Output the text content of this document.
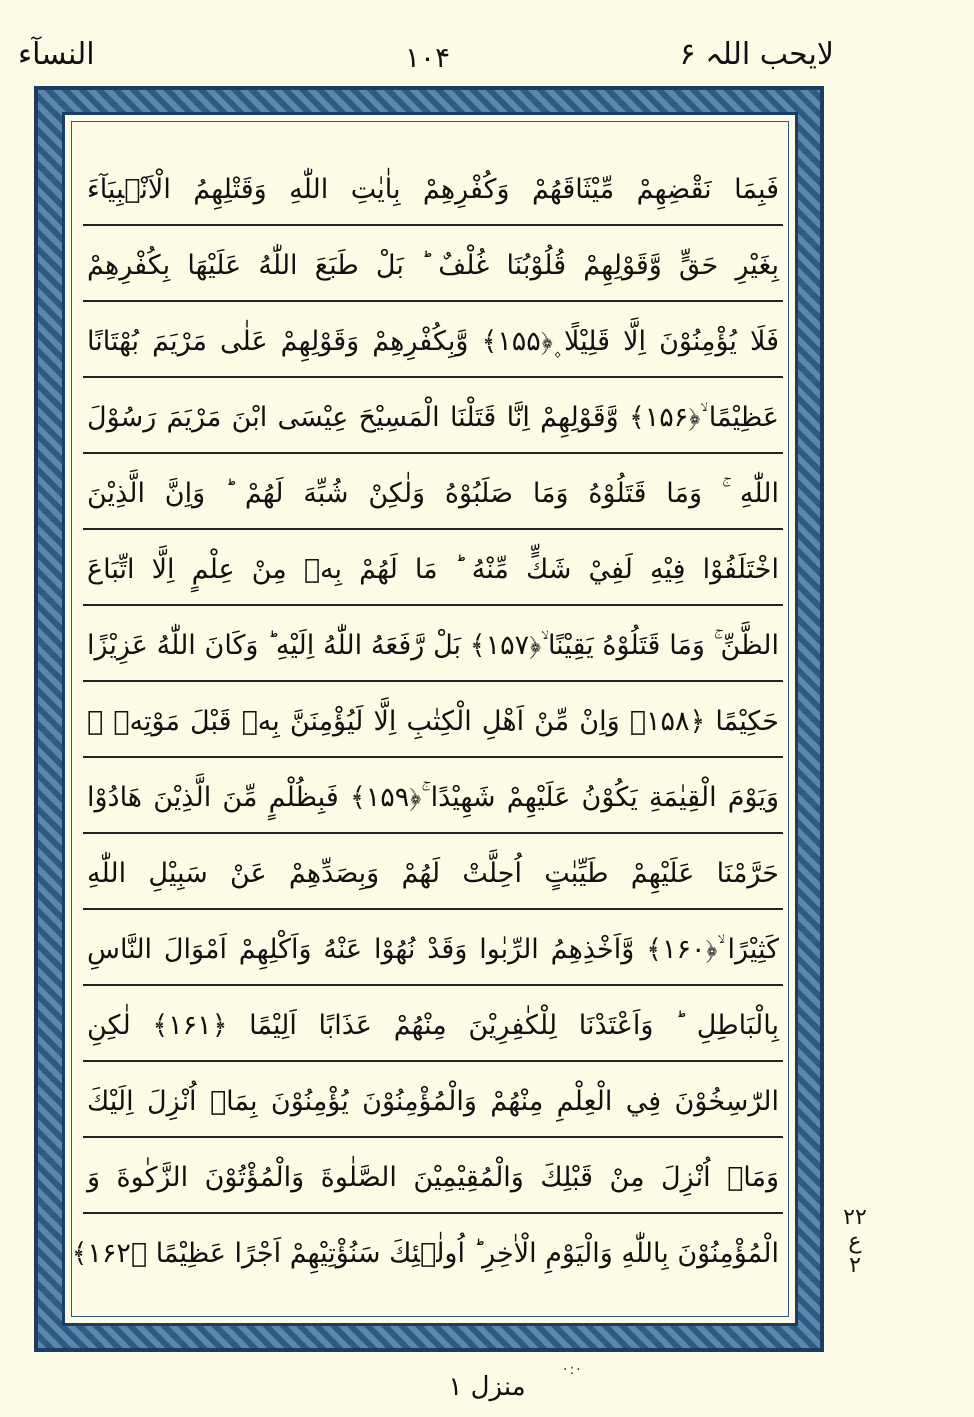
لایحب اللہ ۶
۱۰۴
النسآء
فَبِمَا نَقْضِهِمْ مِّيْثَاقَهُمْ وَكُفْرِهِمْ بِاٰيٰتِ اللّٰهِ وَقَتْلِهِمُ الْاَنْۢبِيَآءَ
بِغَيْرِ حَقٍّ وَّقَوْلِهِمْ قُلُوْبُنَا غُلْفٌ ؕ بَلْ طَبَعَ اللّٰهُ عَلَيْهَا بِكُفْرِهِمْ
فَلَا يُؤْمِنُوْنَ اِلَّا قَلِيْلًا ۪﴿۱۵۵﴾ وَّبِكُفْرِهِمْ وَقَوْلِهِمْ عَلٰى مَرْيَمَ بُهْتَانًا
عَظِيْمًا ۙ﴿۱۵۶﴾ وَّقَوْلِهِمْ اِنَّا قَتَلْنَا الْمَسِيْحَ عِيْسَى ابْنَ مَرْيَمَ رَسُوْلَ
اللّٰهِ ۚ وَمَا قَتَلُوْهُ وَمَا صَلَبُوْهُ وَلٰكِنْ شُبِّهَ لَهُمْ ؕ وَاِنَّ الَّذِيْنَ
اخْتَلَفُوْا فِيْهِ لَفِيْ شَكٍّ مِّنْهُ ؕ مَا لَهُمْ بِهٖ مِنْ عِلْمٍ اِلَّا اتِّبَاعَ
الظَّنِّ ۚ وَمَا قَتَلُوْهُ يَقِيْنًا ۙ﴿۱۵۷﴾ بَلْ رَّفَعَهُ اللّٰهُ اِلَيْهِ ؕ وَكَانَ اللّٰهُ عَزِيْزًا
حَكِيْمًا ﴿۱۵۸﴾ وَاِنْ مِّنْ اَهْلِ الْكِتٰبِ اِلَّا لَيُؤْمِنَنَّ بِهٖ قَبْلَ مَوْتِهٖ ۚ
وَيَوْمَ الْقِيٰمَةِ يَكُوْنُ عَلَيْهِمْ شَهِيْدًا ۚ﴿۱۵۹﴾ فَبِظُلْمٍ مِّنَ الَّذِيْنَ هَادُوْا
حَرَّمْنَا عَلَيْهِمْ طَيِّبٰتٍ اُحِلَّتْ لَهُمْ وَبِصَدِّهِمْ عَنْ سَبِيْلِ اللّٰهِ
كَثِيْرًا ۙ﴿۱۶۰﴾ وَّاَخْذِهِمُ الرِّبٰوا وَقَدْ نُهُوْا عَنْهُ وَاَكْلِهِمْ اَمْوَالَ النَّاسِ
بِالْبَاطِلِ ؕ وَاَعْتَدْنَا لِلْكٰفِرِيْنَ مِنْهُمْ عَذَابًا اَلِيْمًا ﴿۱۶۱﴾ لٰكِنِ
الرّٰسِخُوْنَ فِي الْعِلْمِ مِنْهُمْ وَالْمُؤْمِنُوْنَ يُؤْمِنُوْنَ بِمَاۤ اُنْزِلَ اِلَيْكَ
وَمَاۤ اُنْزِلَ مِنْ قَبْلِكَ وَالْمُقِيْمِيْنَ الصَّلٰوةَ وَالْمُؤْتُوْنَ الزَّكٰوةَ وَ
الْمُؤْمِنُوْنَ بِاللّٰهِ وَالْيَوْمِ الْاٰخِرِ ؕ اُولٰۤئِكَ سَنُؤْتِيْهِمْ اَجْرًا عَظِيْمًا ﴿۱۶۲﴾
۲۲
ع
۲
·:·
منزل ۱
